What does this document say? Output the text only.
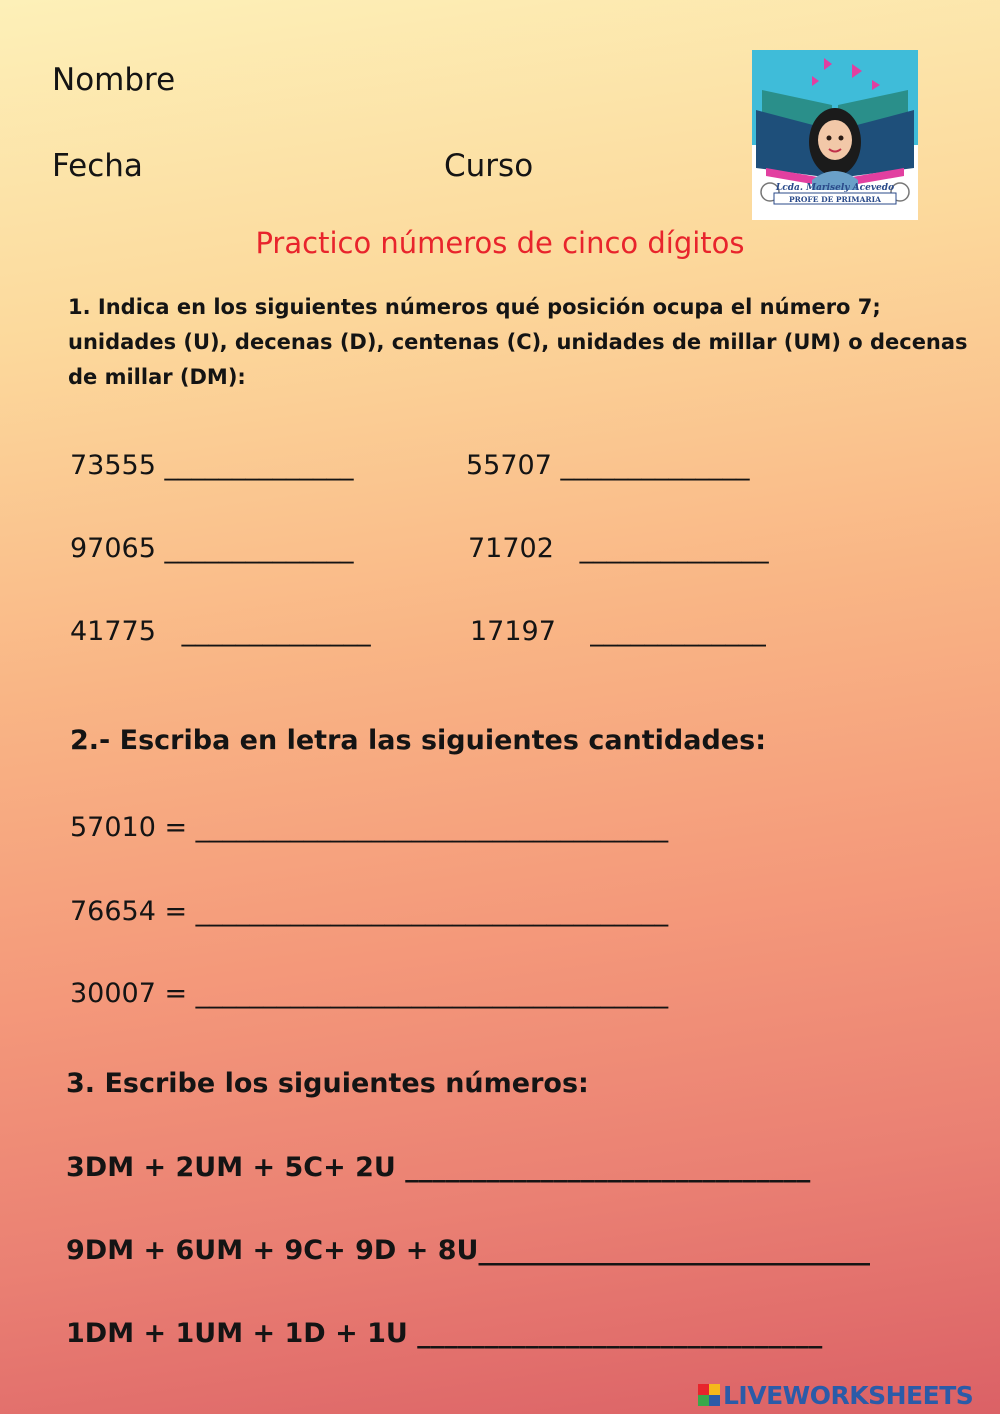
Nombre
Fecha	Curso
Lcda. Marisely Acevedo
PROFE DE PRIMARIA
Practico números de cinco dígitos
1. Indica en los siguientes números qué posición ocupa el número 7; unidades (U), decenas (D), centenas (C), unidades de millar (UM) o decenas de millar (DM):
73555 ______________	55707 ______________
97065 ______________	71702   ______________
41775   ______________	17197    _____________
2.- Escriba en letra las siguientes cantidades:
57010 = ___________________________________
76654 = ___________________________________
30007 = ___________________________________
3. Escribe los siguientes números:
3DM + 2UM + 5C+ 2U ______________________________
9DM + 6UM + 9C+ 9D + 8U_____________________________
1DM + 1UM + 1D + 1U ______________________________
LIVEWORKSHEETS
